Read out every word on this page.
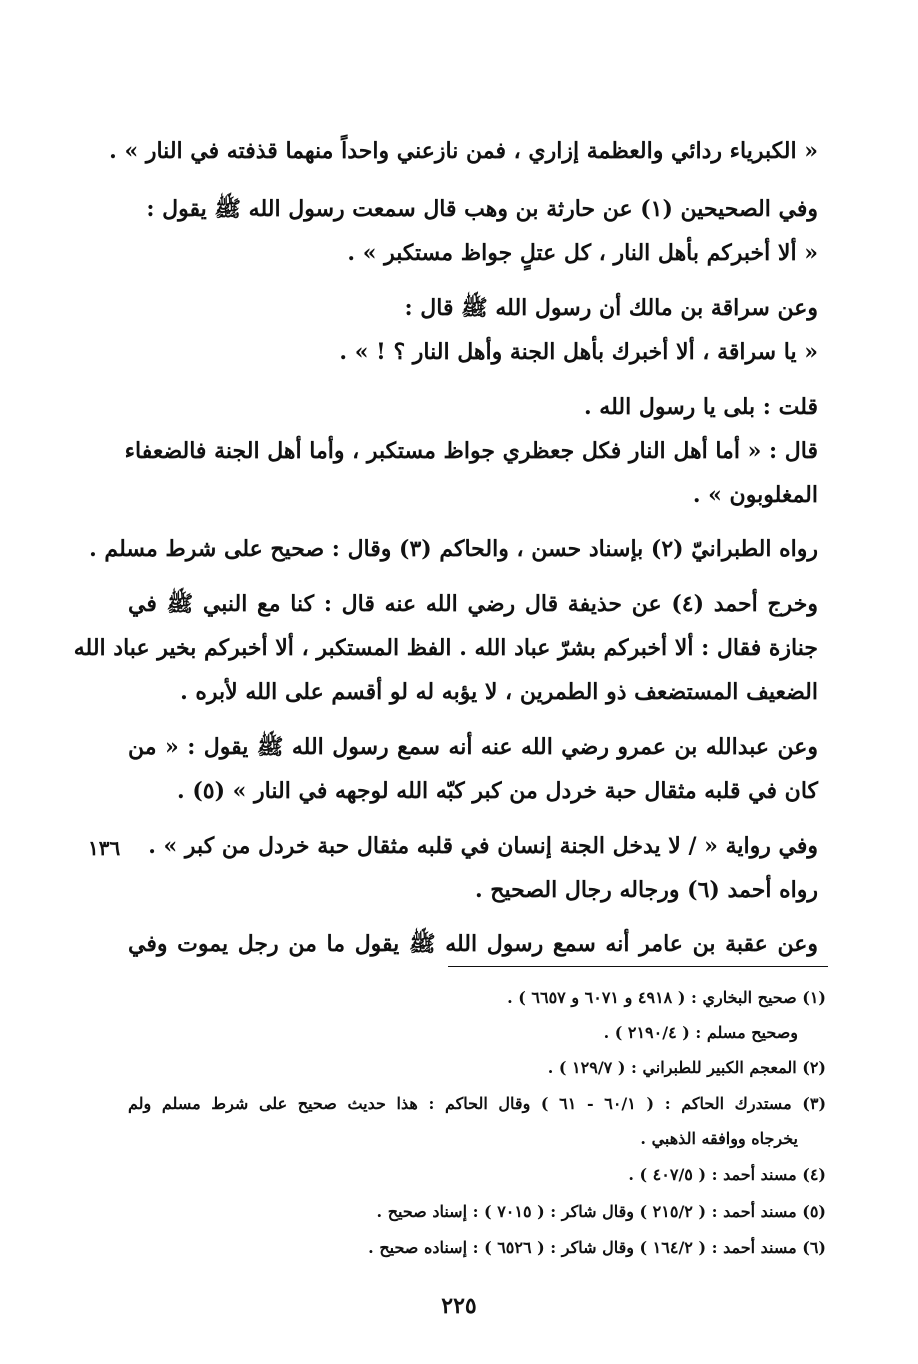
« الكبرياء ردائي والعظمة إزاري ، فمن نازعني واحداً منهما قذفته في النار » .
وفي الصحيحين (١) عن حارثة بن وهب قال سمعت رسول الله ﷺ يقول :
« ألا أخبركم بأهل النار ، كل عتلٍ جواظ مستكبر » .
وعن سراقة بن مالك أن رسول الله ﷺ قال :
« يا سراقة ، ألا أخبرك بأهل الجنة وأهل النار ؟ ! » .
قلت : بلى يا رسول الله .
قال : « أما أهل النار فكل جعظري جواظ مستكبر ، وأما أهل الجنة فالضعفاء
المغلوبون » .
رواه الطبرانيّ (٢) بإسناد حسن ، والحاكم (٣) وقال : صحيح على شرط مسلم .
وخرج أحمد (٤) عن حذيفة قال رضي الله عنه قال : كنا مع النبي ﷺ في
جنازة فقال : ألا أخبركم بشرّ عباد الله . الفظ المستكبر ، ألا أخبركم بخير عباد الله
الضعيف المستضعف ذو الطمرين ، لا يؤبه له لو أقسم على الله لأبره .
وعن عبدالله بن عمرو رضي الله عنه أنه سمع رسول الله ﷺ يقول : « من
كان في قلبه مثقال حبة خردل من كبر كبّه الله لوجهه في النار » (٥) .
وفي رواية « / لا يدخل الجنة إنسان في قلبه مثقال حبة خردل من كبر » .
رواه أحمد (٦) ورجاله رجال الصحيح .
وعن عقبة بن عامر أنه سمع رسول الله ﷺ يقول ما من رجل يموت وفي
١٣٦
(١) صحيح البخاري : ( ٤٩١٨ و ٦٠٧١ و ٦٦٥٧ ) .
وصحيح مسلم : ( ٢١٩٠/٤ ) .
(٢) المعجم الكبير للطبراني : ( ١٢٩/٧ ) .
(٣) مستدرك الحاكم : ( ٦٠/١ - ٦١ ) وقال الحاكم : هذا حديث صحيح على شرط مسلم ولم
يخرجاه ووافقه الذهبي .
(٤) مسند أحمد : ( ٤٠٧/٥ ) .
(٥) مسند أحمد : ( ٢١٥/٢ ) وقال شاكر : ( ٧٠١٥ ) : إسناد صحيح .
(٦) مسند أحمد : ( ١٦٤/٢ ) وقال شاكر : ( ٦٥٢٦ ) : إسناده صحيح .
٢٢٥
